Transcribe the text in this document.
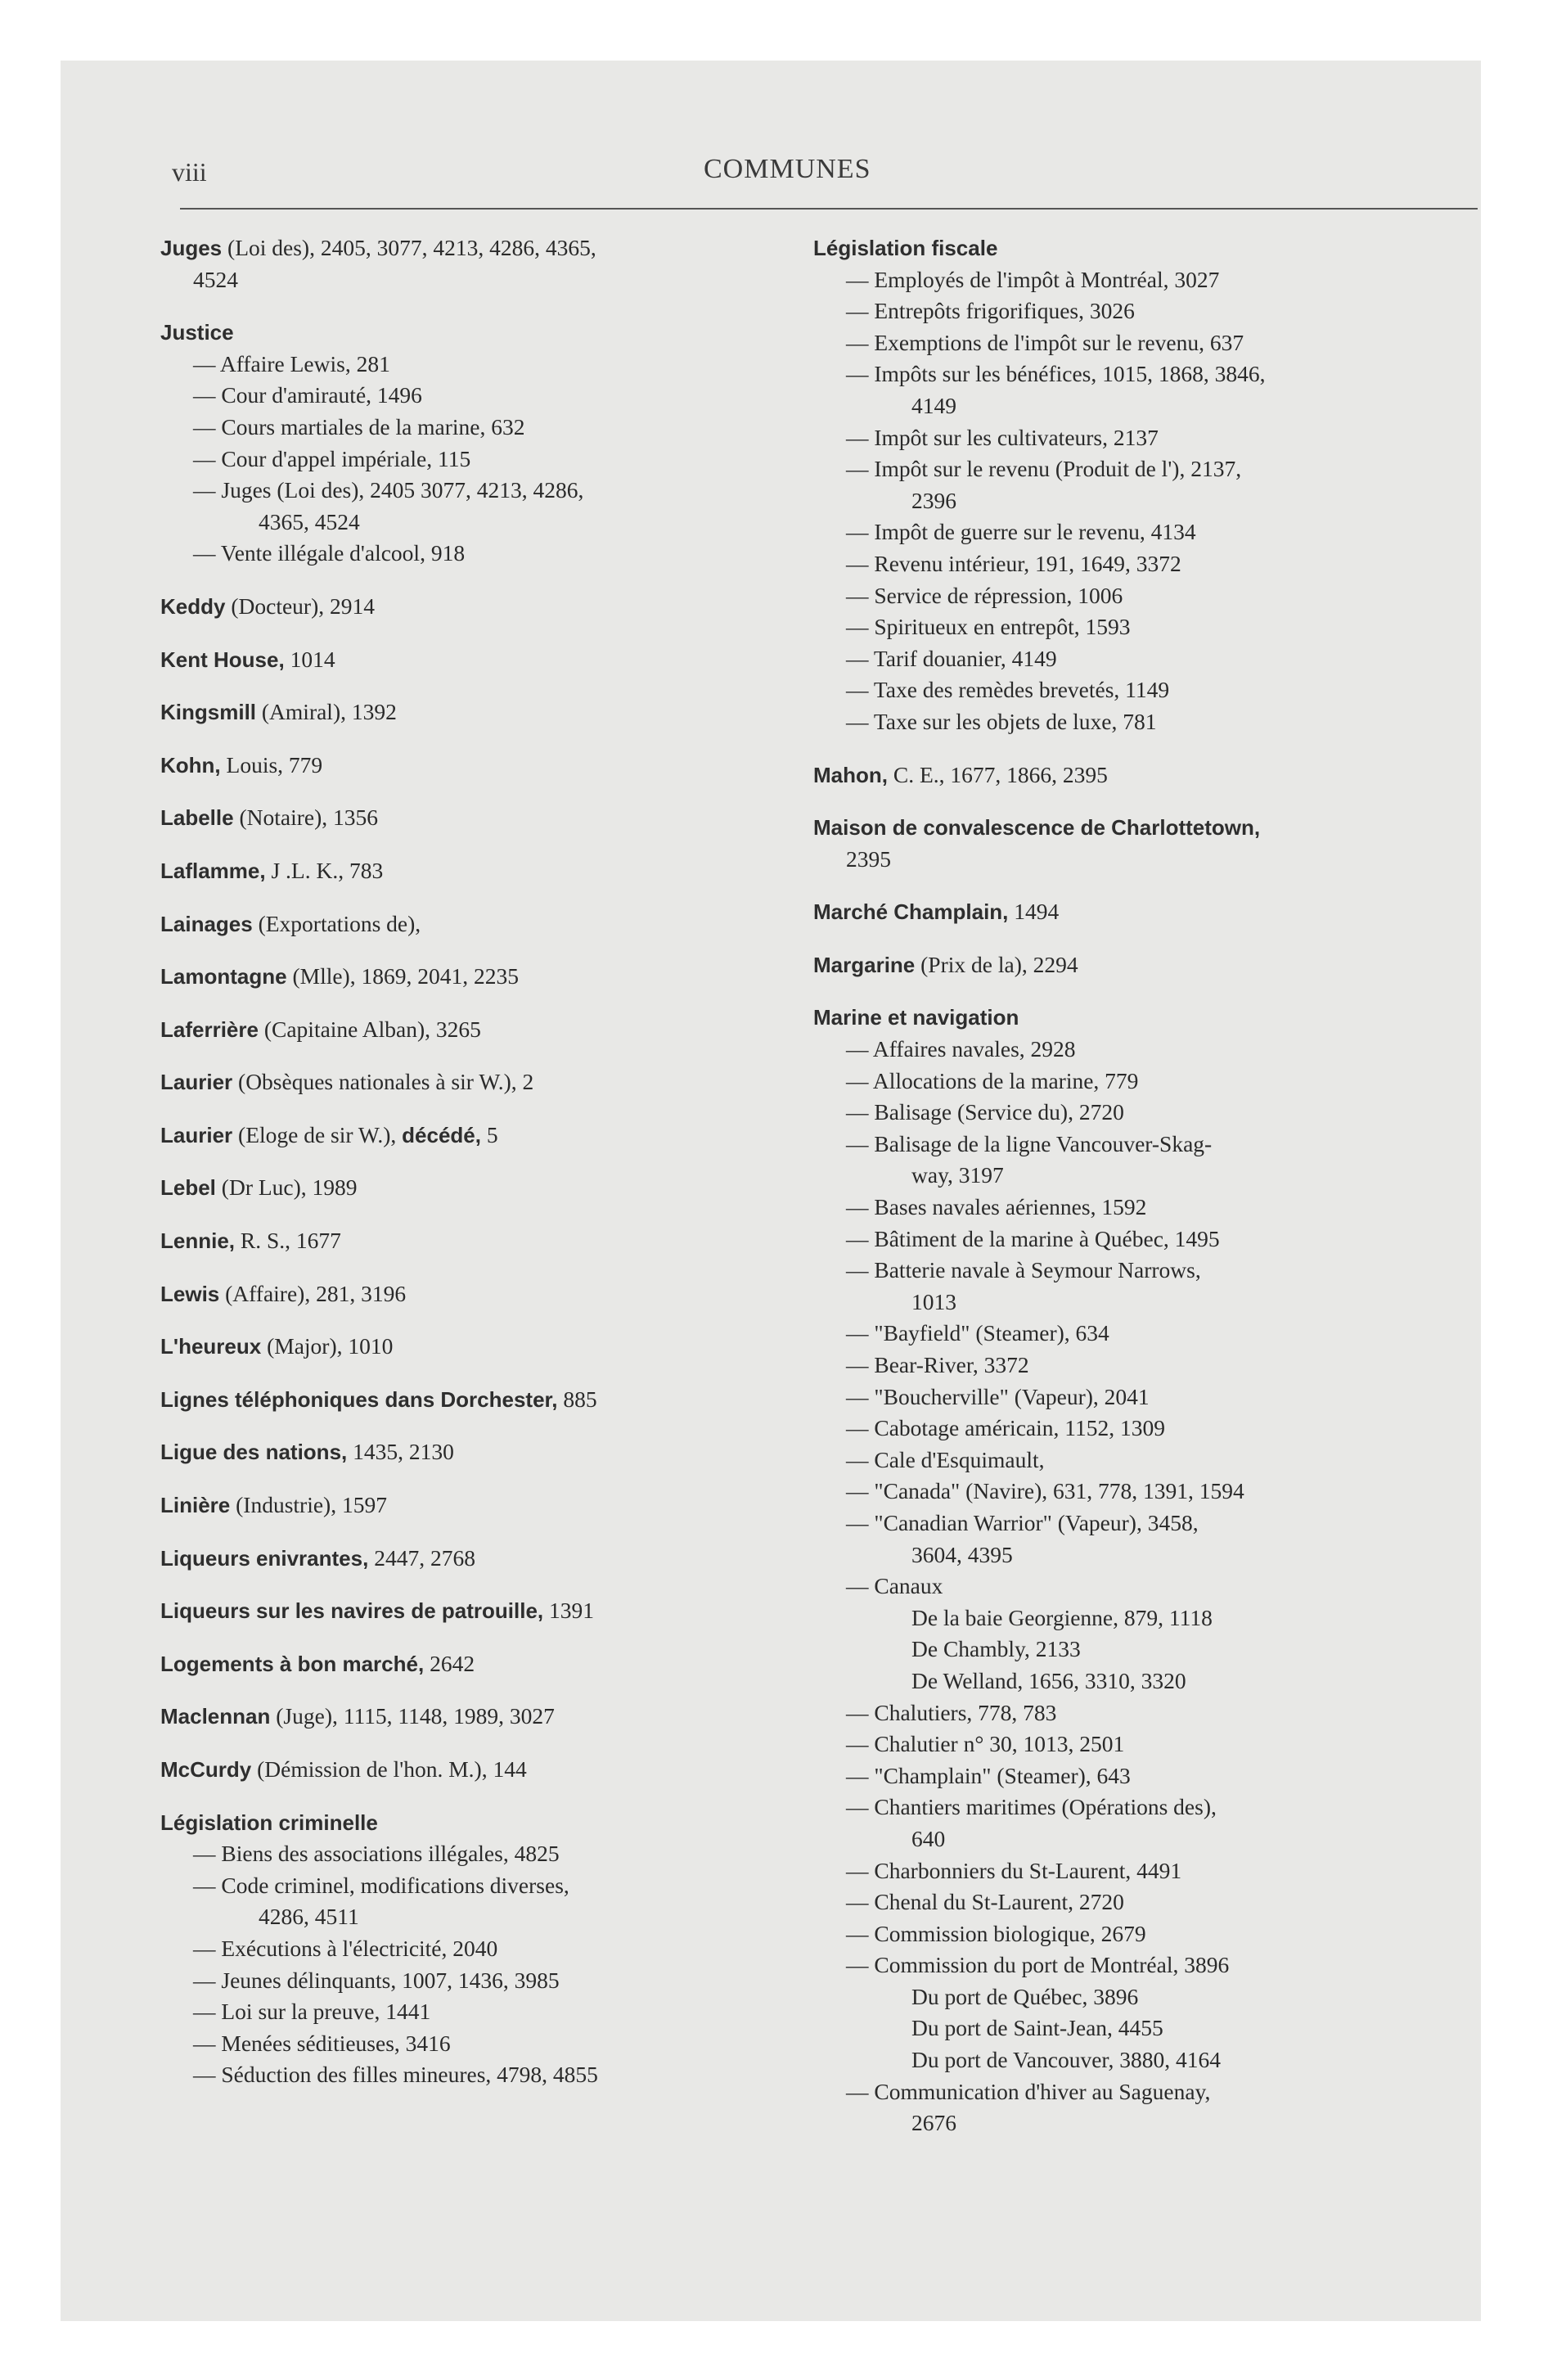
viii	COMMUNES
Juges (Loi des), 2405, 3077, 4213, 4286, 4365,
4524
Justice
— Affaire Lewis, 281
— Cour d'amirauté, 1496
— Cours martiales de la marine, 632
— Cour d'appel impériale, 115
— Juges (Loi des), 2405 3077, 4213, 4286,
4365, 4524
— Vente illégale d'alcool, 918
Keddy (Docteur), 2914
Kent House, 1014
Kingsmill (Amiral), 1392
Kohn, Louis, 779
Labelle (Notaire), 1356
Laflamme, J .L. K., 783
Lainages (Exportations de),
Lamontagne (Mlle), 1869, 2041, 2235
Laferrière (Capitaine Alban), 3265
Laurier (Obsèques nationales à sir W.), 2
Laurier (Eloge de sir W.), décédé, 5
Lebel (Dr Luc), 1989
Lennie, R. S., 1677
Lewis (Affaire), 281, 3196
L'heureux (Major), 1010
Lignes téléphoniques dans Dorchester, 885
Ligue des nations, 1435, 2130
Linière (Industrie), 1597
Liqueurs enivrantes, 2447, 2768
Liqueurs sur les navires de patrouille, 1391
Logements à bon marché, 2642
Maclennan (Juge), 1115, 1148, 1989, 3027
McCurdy (Démission de l'hon. M.), 144
Législation criminelle
— Biens des associations illégales, 4825
— Code criminel, modifications diverses,
4286, 4511
— Exécutions à l'électricité, 2040
— Jeunes délinquants, 1007, 1436, 3985
— Loi sur la preuve, 1441
— Menées séditieuses, 3416
— Séduction des filles mineures, 4798, 4855
Législation fiscale
— Employés de l'impôt à Montréal, 3027
— Entrepôts frigorifiques, 3026
— Exemptions de l'impôt sur le revenu, 637
— Impôts sur les bénéfices, 1015, 1868, 3846,
4149
— Impôt sur les cultivateurs, 2137
— Impôt sur le revenu (Produit de l'), 2137,
2396
— Impôt de guerre sur le revenu, 4134
— Revenu intérieur, 191, 1649, 3372
— Service de répression, 1006
— Spiritueux en entrepôt, 1593
— Tarif douanier, 4149
— Taxe des remèdes brevetés, 1149
— Taxe sur les objets de luxe, 781
Mahon, C. E., 1677, 1866, 2395
Maison de convalescence de Charlottetown,
2395
Marché Champlain, 1494
Margarine (Prix de la), 2294
Marine et navigation
— Affaires navales, 2928
— Allocations de la marine, 779
— Balisage (Service du), 2720
— Balisage de la ligne Vancouver-Skag-
way, 3197
— Bases navales aériennes, 1592
— Bâtiment de la marine à Québec, 1495
— Batterie navale à Seymour Narrows,
1013
— "Bayfield" (Steamer), 634
— Bear-River, 3372
— "Boucherville" (Vapeur), 2041
— Cabotage américain, 1152, 1309
— Cale d'Esquimault,
— "Canada" (Navire), 631, 778, 1391, 1594
— "Canadian Warrior" (Vapeur), 3458,
3604, 4395
— Canaux
De la baie Georgienne, 879, 1118
De Chambly, 2133
De Welland, 1656, 3310, 3320
— Chalutiers, 778, 783
— Chalutier n° 30, 1013, 2501
— "Champlain" (Steamer), 643
— Chantiers maritimes (Opérations des),
640
— Charbonniers du St-Laurent, 4491
— Chenal du St-Laurent, 2720
— Commission biologique, 2679
— Commission du port de Montréal, 3896
Du port de Québec, 3896
Du port de Saint-Jean, 4455
Du port de Vancouver, 3880, 4164
— Communication d'hiver au Saguenay,
2676
